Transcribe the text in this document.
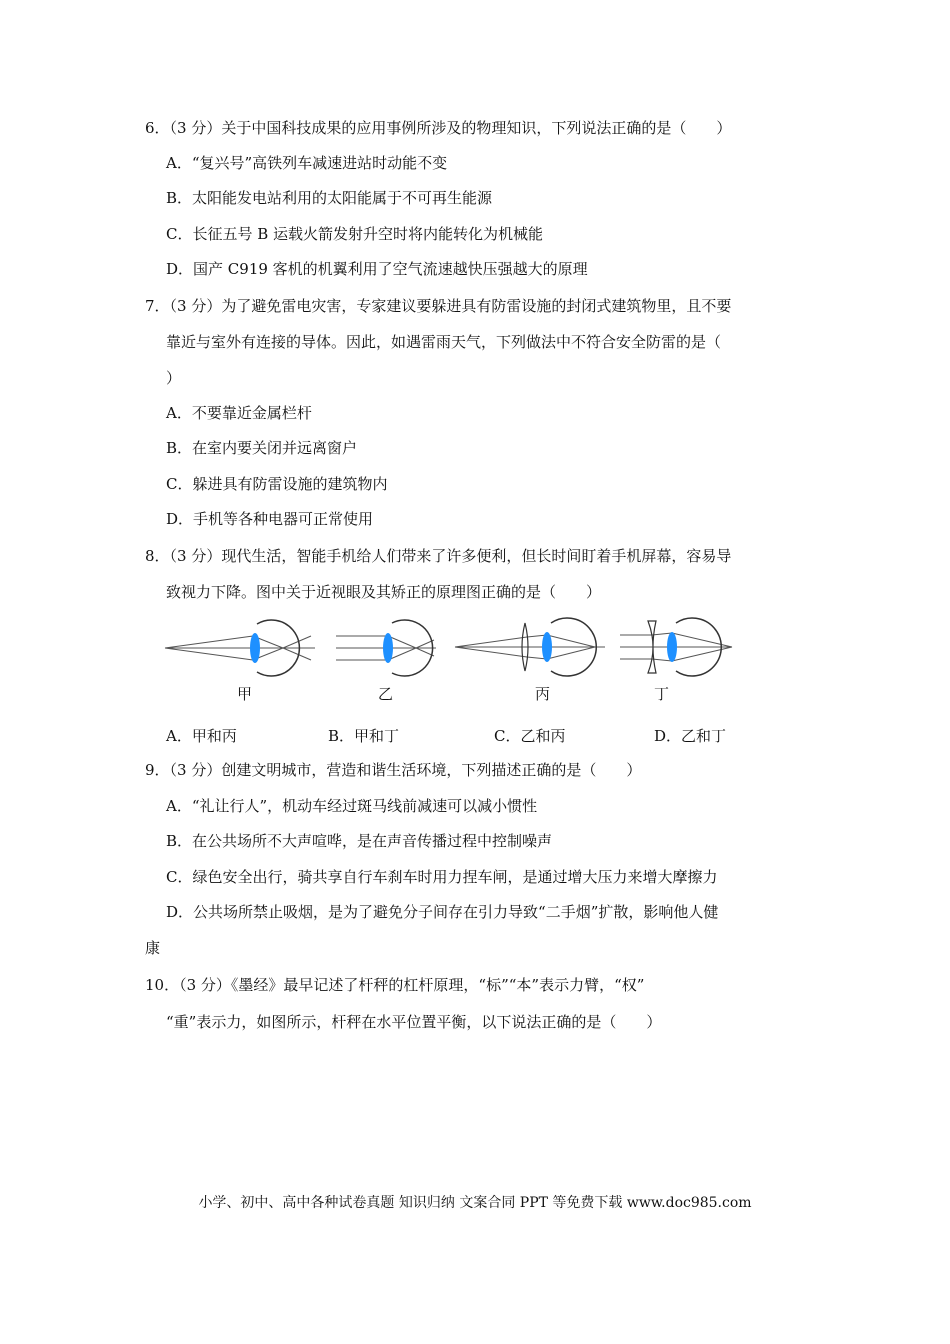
6．（3 分）关于中国科技成果的应用事例所涉及的物理知识，下列说法正确的是（　　）
A．“复兴号”高铁列车减速进站时动能不变
B．太阳能发电站利用的太阳能属于不可再生能源
C．长征五号 B 运载火箭发射升空时将内能转化为机械能
D．国产 C919 客机的机翼利用了空气流速越快压强越大的原理
7．（3 分）为了避免雷电灾害，专家建议要躲进具有防雷设施的封闭式建筑物里，且不要
靠近与室外有连接的导体。因此，如遇雷雨天气，下列做法中不符合安全防雷的是（
）
A．不要靠近金属栏杆
B．在室内要关闭并远离窗户
C．躲进具有防雷设施的建筑物内
D．手机等各种电器可正常使用
8．（3 分）现代生活，智能手机给人们带来了许多便利，但长时间盯着手机屏幕，容易导
致视力下降。图中关于近视眼及其矫正的原理图正确的是（　　）
甲	乙	丙	丁
A．甲和丙	B．甲和丁	C．乙和丙	D．乙和丁
9．（3 分）创建文明城市，营造和谐生活环境，下列描述正确的是（　　）
A．“礼让行人”，机动车经过斑马线前减速可以减小惯性
B．在公共场所不大声喧哗，是在声音传播过程中控制噪声
C．绿色安全出行，骑共享自行车刹车时用力捏车闸，是通过增大压力来增大摩擦力
D．公共场所禁止吸烟，是为了避免分子间存在引力导致“二手烟”扩散，影响他人健
康
10．（3 分）《墨经》最早记述了杆秤的杠杆原理，“标”“本”表示力臂，“权”
“重”表示力，如图所示，杆秤在水平位置平衡，以下说法正确的是（　　）
小学、初中、高中各种试卷真题 知识归纳 文案合同 PPT 等免费下载 www.doc985.com
